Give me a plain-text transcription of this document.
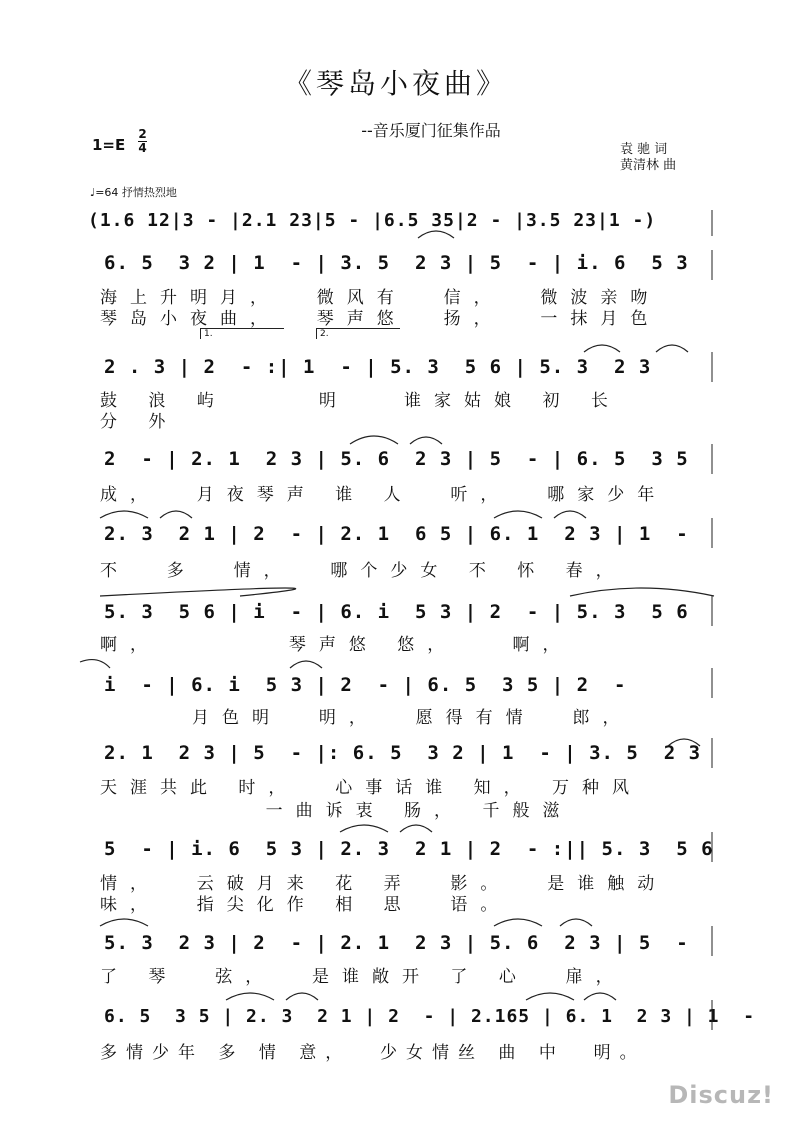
《琴岛小夜曲》
--音乐厦门征集作品
1=E
2
4	袁 驰 词
黄清林 曲
♩=64 抒情热烈地
(1.6 12|3 - |2.1 23|5 - |6.5 35|2 - |3.5 23|1 -)
6. 5  3 2 | 1  - | 3. 5  2 3 | 5  - | i. 6  5 3
海上升明月，  微风有  信，  微波亲吻
琴岛小夜曲，  琴声悠  扬，  一抹月色
1.	2.
2 . 3 | 2  - :| 1  - | 5. 3  5 6 | 5. 3  2 3
鼓 浪 屿     明   谁家姑娘 初 长
分 外
2  - | 2. 1  2 3 | 5. 6  2 3 | 5  - | 6. 5  3 5
成，  月夜琴声 谁 人  听，  哪家少年
2. 3  2 1 | 2  - | 2. 1  6 5 | 6. 1  2 3 | 1  -
不  多  情，  哪个少女 不 怀 春，
5. 3  5 6 | i  - | 6. i  5 3 | 2  - | 5. 3  5 6
啊，       琴声悠 悠，   啊，
i  - | 6. i  5 3 | 2  - | 6. 5  3 5 | 2  -
月色明  明，  愿得有情  郎，
2. 1  2 3 | 5  - |: 6. 5  3 2 | 1  - | 3. 5  2 3
天涯共此 时，  心事话谁 知， 万种风
一曲诉衷 肠， 千般滋
5  - | i. 6  5 3 | 2. 3  2 1 | 2  - :|| 5. 3  5 6
情，  云破月来 花 弄  影。  是谁触动
味，  指尖化作 相 思  语。
5. 3  2 3 | 2  - | 2. 1  2 3 | 5. 6  2 3 | 5  -
了 琴  弦，  是谁敞开 了 心  扉，
6. 5  3 5 | 2. 3  2 1 | 2  - | 2.165 | 6. 1  2 3 | 1  -
多情少年 多 情 意，  少女情丝 曲 中  明。
Discuz!
